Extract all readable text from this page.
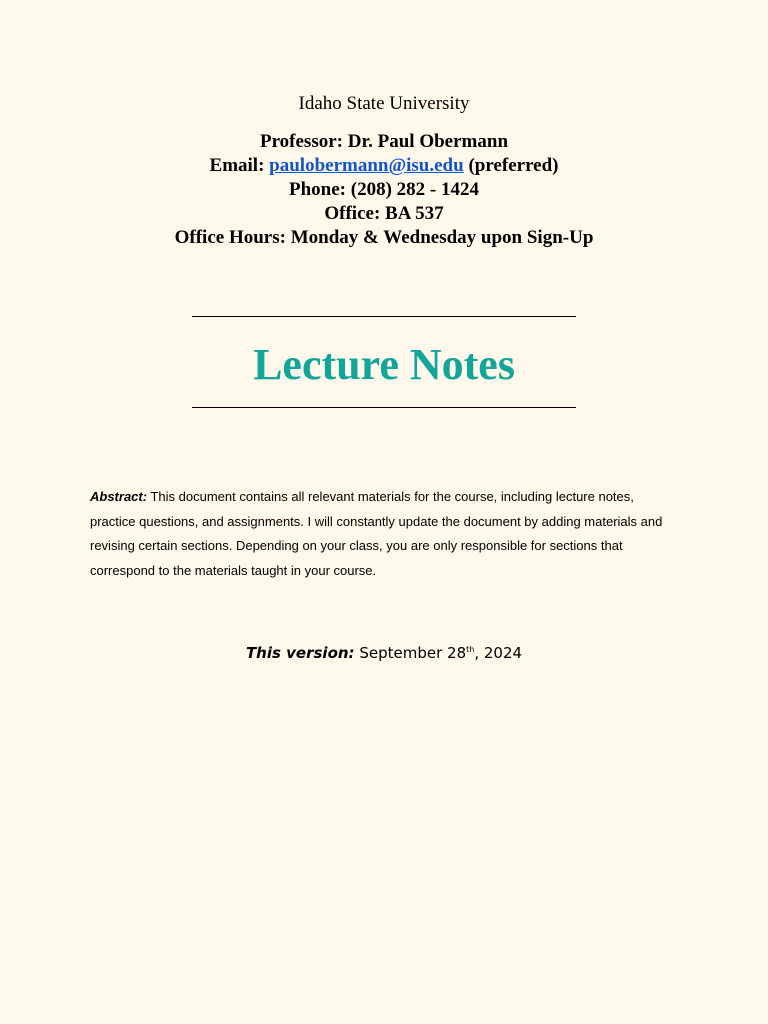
Idaho State University
Professor: Dr. Paul Obermann
Email: paulobermann@isu.edu (preferred)
Phone: (208) 282 - 1424
Office: BA 537
Office Hours: Monday & Wednesday upon Sign-Up
Lecture Notes
Abstract: This document contains all relevant materials for the course, including lecture notes, practice questions, and assignments. I will constantly update the document by adding materials and revising certain sections. Depending on your class, you are only responsible for sections that correspond to the materials taught in your course.
This version: September 28th, 2024
